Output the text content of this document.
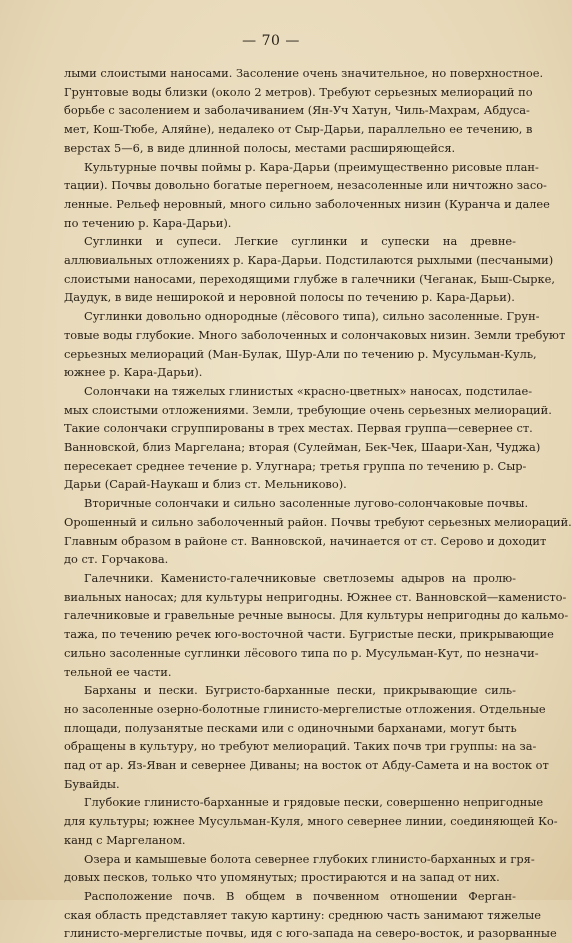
— 70 —
лыми слоистыми наносами. Засоление очень значительное, но поверхностное.
Грунтовые воды близки (около 2 метров). Требуют серьезных мелиораций по
борьбе с засолением и заболачиванием (Ян-Уч Хатун, Чиль-Махрам, Абдуса-
мет, Кош-Тюбе, Аляйне), недалеко от Сыр-Дарьи, параллельно ее течению, в
верстах 5—6, в виде длинной полосы, местами расширяющейся.
Культурные почвы поймы р. Кара-Дарьи (преимущественно рисовые план-
тации). Почвы довольно богатые перегноем, незасоленные или ничтожно засо-
ленные. Рельеф неровный, много сильно заболоченных низин (Куранча и далее
по течению р. Кара-Дарьи).
Суглинки и супеси. Легкие суглинки и супески на древне-
аллювиальных отложениях р. Кара-Дарьи. Подстилаются рыхлыми (песчаными)
слоистыми наносами, переходящими глубже в галечники (Чеганак, Быш-Сырке,
Даудук, в виде неширокой и неровной полосы по течению р. Кара-Дарьи).
Суглинки довольно однородные (лёсового типа), сильно засоленные. Грун-
товые воды глубокие. Много заболоченных и солончаковых низин. Земли требуют
серьезных мелиораций (Ман-Булак, Шур-Али по течению р. Мусульман-Куль,
южнее р. Кара-Дарьи).
Солончаки на тяжелых глинистых «красно-цветных» наносах, подстилае-
мых слоистыми отложениями. Земли, требующие очень серьезных мелиораций.
Такие солончаки сгруппированы в трех местах. Первая группа—севернее ст.
Ванновской, близ Маргелана; вторая (Сулейман, Бек-Чек, Шаари-Хан, Чуджа)
пересекает среднее течение р. Улугнара; третья группа по течению р. Сыр-
Дарьи (Сарай-Наукаш и близ ст. Мельниково).
Вторичные солончаки и сильно засоленные лугово-солончаковые почвы.
Орошенный и сильно заболоченный район. Почвы требуют серьезных мелиораций.
Главным образом в районе ст. Ванновской, начинается от ст. Серово и доходит
до ст. Горчакова.
Галечники. Каменисто-галечниковые светлоземы адыров на пролю-
виальных наносах; для культуры непригодны. Южнее ст. Ванновской—каменисто-
галечниковые и гравельные речные выносы. Для культуры непригодны до кальмо-
тажа, по течению речек юго-восточной части. Бугристые пески, прикрывающие
сильно засоленные суглинки лёсового типа по р. Мусульман-Кут, по незначи-
тельной ее части.
Барханы и пески. Бугристо-барханные пески, прикрывающие силь-
но засоленные озерно-болотные глинисто-мергелистые отложения. Отдельные
площади, полузанятые песками или с одиночными барханами, могут быть
обращены в культуру, но требуют мелиораций. Таких почв три группы: на за-
пад от ар. Яз-Яван и севернее Диваны; на восток от Абду-Самета и на восток от
Бувайды.
Глубокие глинисто-барханные и грядовые пески, совершенно непригодные
для культуры; южнее Мусульман-Куля, много севернее линии, соединяющей Ко-
канд с Маргеланом.
Озера и камышевые болота севернее глубоких глинисто-барханных и гря-
довых песков, только что упомянутых; простираются и на запад от них.
Расположение почв. В общем в почвенном отношении Ферган-
ская область представляет такую картину: среднюю часть занимают тяжелые
глинисто-мергелистые почвы, идя с юго-запада на северо-восток, и разорванные
